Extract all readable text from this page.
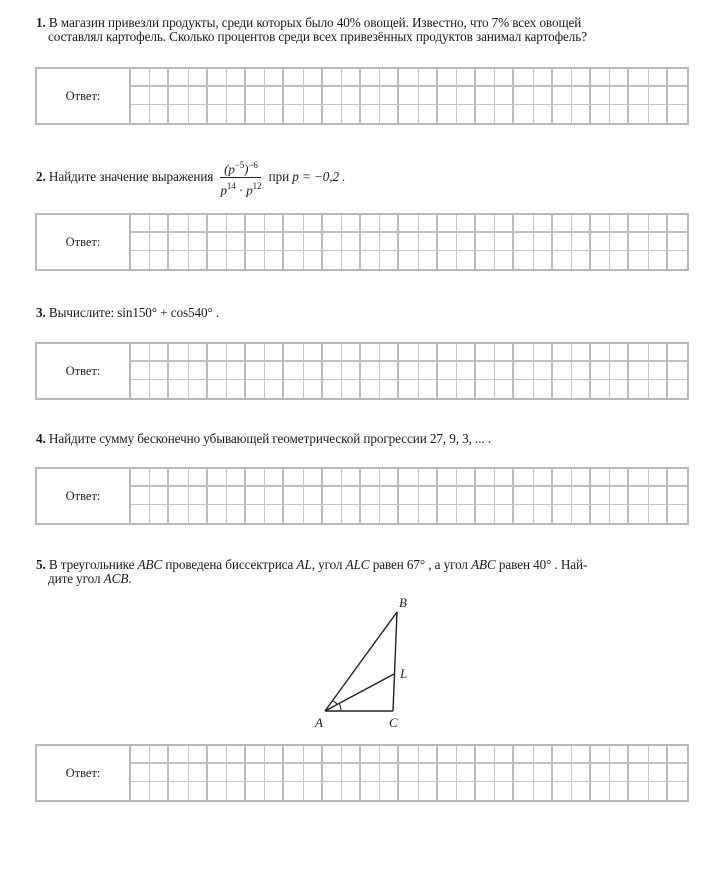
1. В магазин привезли продукты, среди которых было 40% овощей. Известно, что 7% всех овощей
составлял картофель. Сколько процентов среди всех привезённых продуктов занимал картофель?
Ответ:
2. Найдите значение выражения $\frac{(p^{-5})^{-6}}{p^{14} \cdot p^{12}}$ при p = −0,2 .
Ответ:
3. Вычислите: sin150° + cos540° .
Ответ:
4. Найдите сумму бесконечно убывающей геометрической прогрессии 27, 9, 3, ... .
Ответ:
5. В треугольнике ABC проведена биссектриса AL, угол ALC равен 67° , а угол ABC равен 40° . Най-
дите угол ACB.
A
B
C
L
Ответ:
